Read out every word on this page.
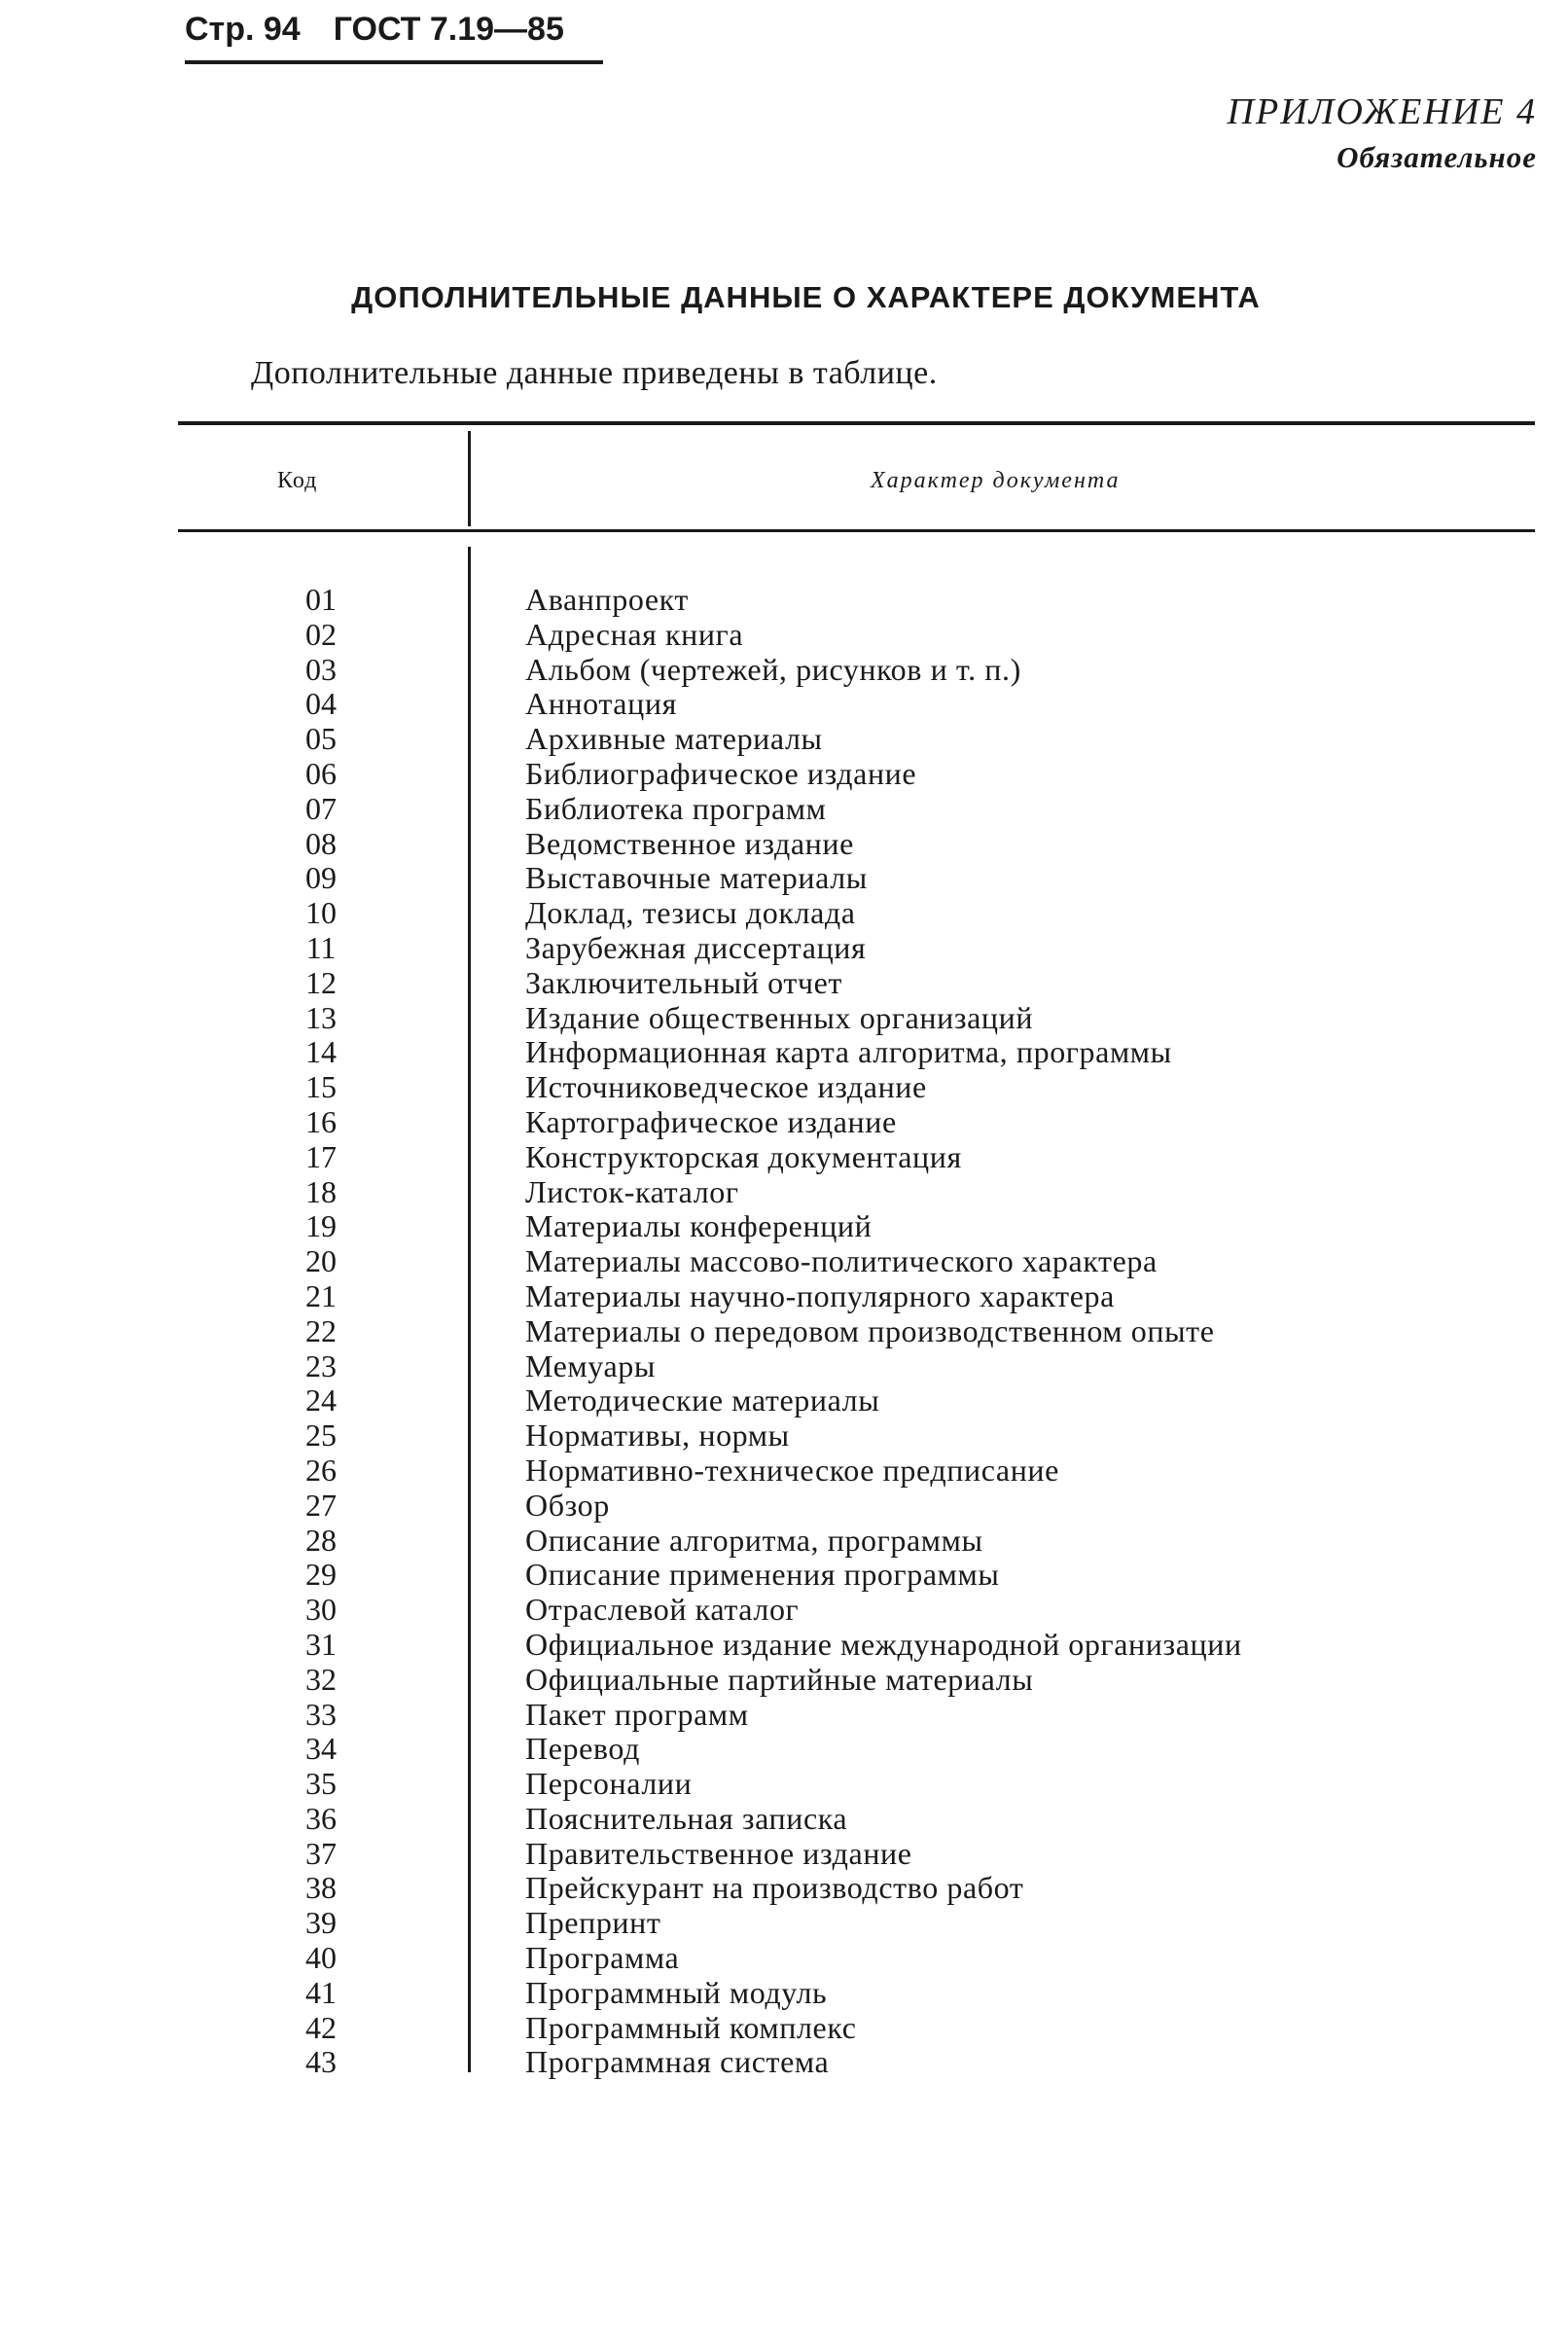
Стр. 94 ГОСТ 7.19—85
ПРИЛОЖЕНИЕ 4
Обязательное
ДОПОЛНИТЕЛЬНЫЕ ДАННЫЕ О ХАРАКТЕРЕ ДОКУМЕНТА
Дополнительные данные приведены в таблице.
Код	Характер документа
01	Аванпроект
02	Адресная книга
03	Альбом (чертежей, рисунков и т. п.)
04	Аннотация
05	Архивные материалы
06	Библиографическое издание
07	Библиотека программ
08	Ведомственное издание
09	Выставочные материалы
10	Доклад, тезисы доклада
11	Зарубежная диссертация
12	Заключительный отчет
13	Издание общественных организаций
14	Информационная карта алгоритма, программы
15	Источниковедческое издание
16	Картографическое издание
17	Конструкторская документация
18	Листок-каталог
19	Материалы конференций
20	Материалы массово-политического характера
21	Материалы научно-популярного характера
22	Материалы о передовом производственном опыте
23	Мемуары
24	Методические материалы
25	Нормативы, нормы
26	Нормативно-техническое предписание
27	Обзор
28	Описание алгоритма, программы
29	Описание применения программы
30	Отраслевой каталог
31	Официальное издание международной организации
32	Официальные партийные материалы
33	Пакет программ
34	Перевод
35	Персоналии
36	Пояснительная записка
37	Правительственное издание
38	Прейскурант на производство работ
39	Препринт
40	Программа
41	Программный модуль
42	Программный комплекс
43	Программная система
